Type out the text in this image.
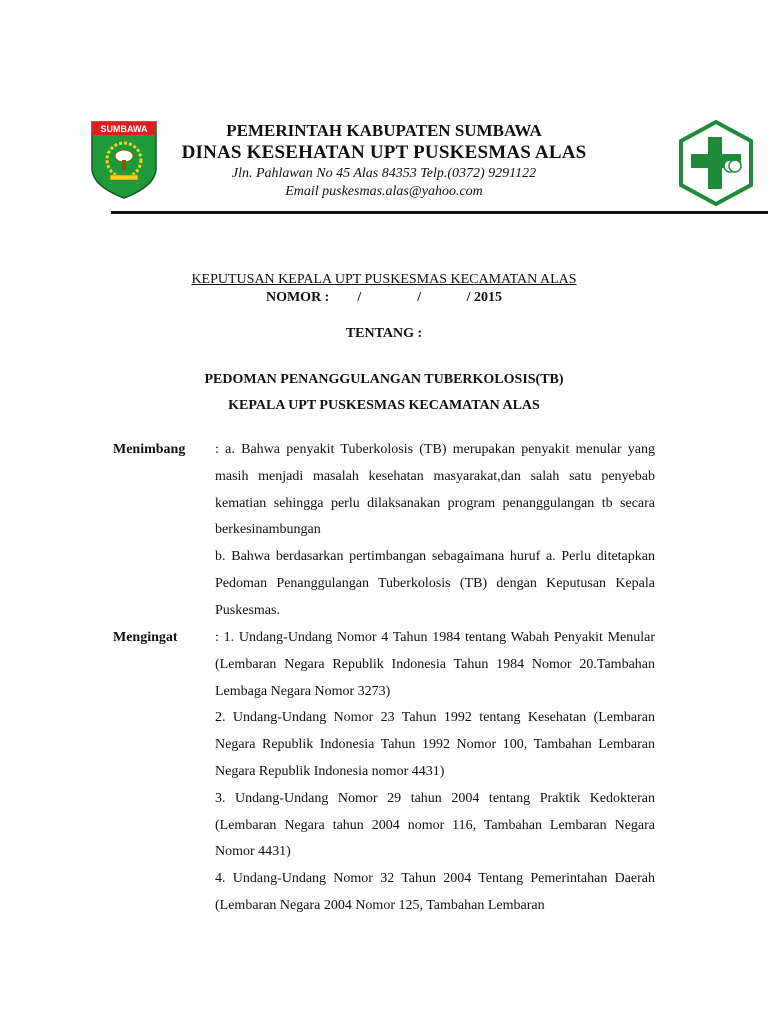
SUMBAWA	PEMERINTAH KABUPATEN SUMBAWA
DINAS KESEHATAN UPT PUSKESMAS ALAS
Jln. Pahlawan No 45 Alas 84353 Telp.(0372) 9291122
Email puskesmas.alas@yahoo.com
KEPUTUSAN KEPALA UPT PUSKESMAS KECAMATAN ALAS
NOMOR :        /                /             / 2015
TENTANG :
PEDOMAN PENANGGULANGAN TUBERKOLOSIS(TB)
KEPALA UPT PUSKESMAS KECAMATAN ALAS
Menimbang : a. Bahwa penyakit Tuberkolosis (TB) merupakan penyakit menular yang masih menjadi masalah kesehatan masyarakat,dan salah satu penyebab kematian sehingga perlu dilaksanakan program penanggulangan tb secara berkesinambungan

b. Bahwa berdasarkan pertimbangan sebagaimana huruf a. Perlu ditetapkan Pedoman Penanggulangan Tuberkolosis (TB) dengan Keputusan Kepala Puskesmas.

Mengingat	: 1. Undang-Undang Nomor 4 Tahun 1984 tentang Wabah Penyakit Menular (Lembaran Negara Republik Indonesia Tahun 1984 Nomor 20.Tambahan Lembaga Negara Nomor 3273)

2. Undang-Undang Nomor 23 Tahun 1992 tentang Kesehatan (Lembaran Negara Republik Indonesia Tahun 1992 Nomor 100, Tambahan Lembaran Negara Republik Indonesia nomor 4431)

3. Undang-Undang Nomor 29 tahun 2004 tentang Praktik Kedokteran (Lembaran Negara tahun 2004 nomor 116, Tambahan Lembaran Negara Nomor 4431)

4. Undang-Undang Nomor 32 Tahun 2004 Tentang Pemerintahan Daerah (Lembaran Negara 2004 Nomor 125, Tambahan Lembaran
